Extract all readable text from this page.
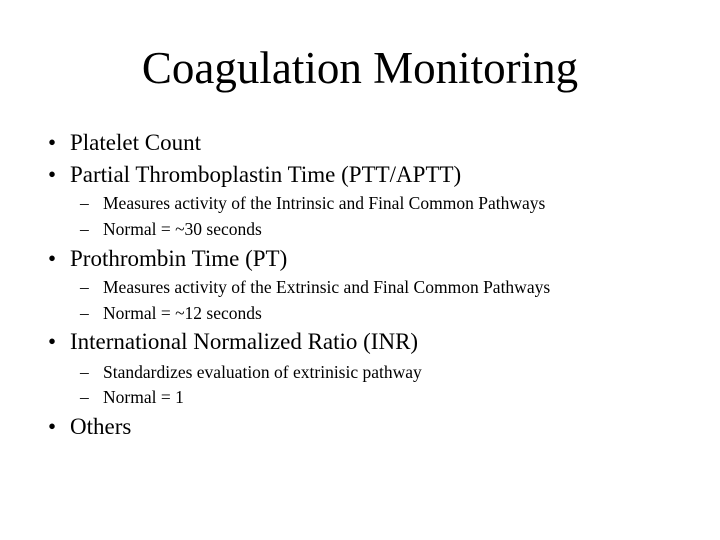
Coagulation Monitoring
• Platelet Count
• Partial Thromboplastin Time (PTT/APTT)
– Measures activity of the Intrinsic and Final Common Pathways
– Normal = ~30 seconds
• Prothrombin Time (PT)
– Measures activity of the Extrinsic and Final Common Pathways
– Normal = ~12 seconds
• International Normalized Ratio (INR)
– Standardizes evaluation of extrinisic pathway
– Normal = 1
• Others
